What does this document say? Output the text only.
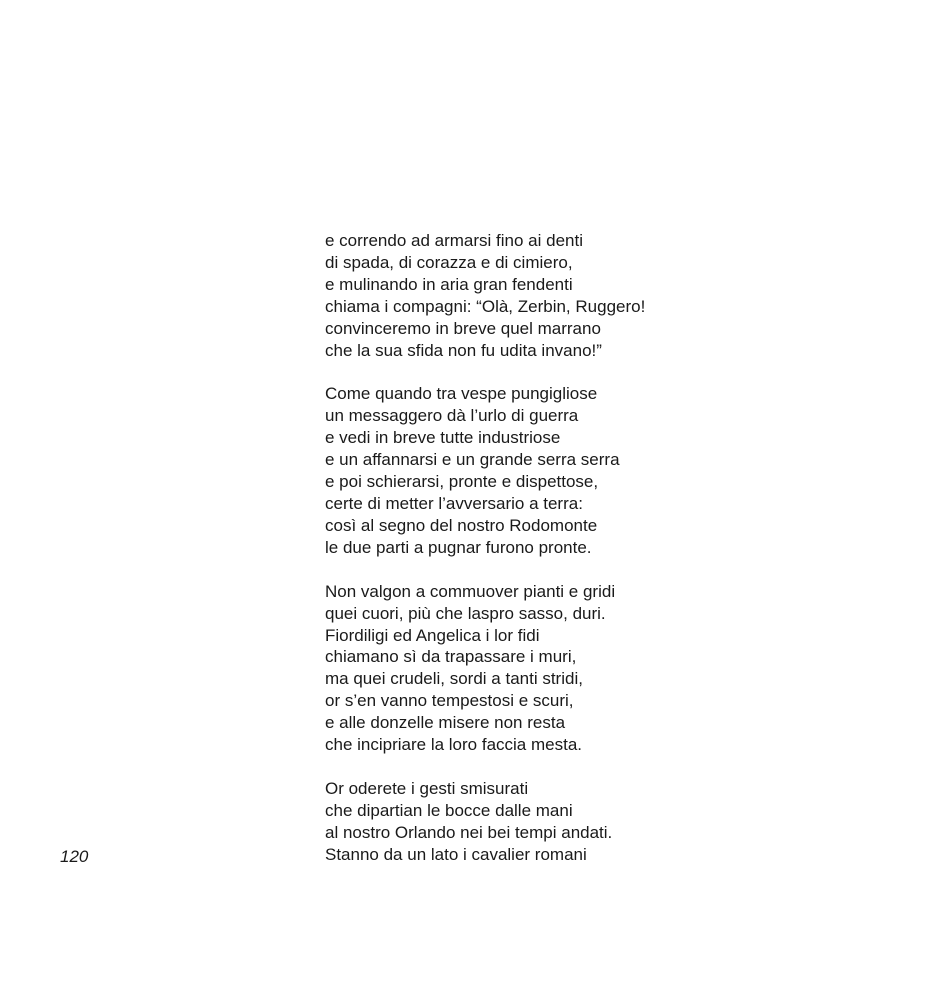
e correndo ad armarsi fino ai denti
di spada, di corazza e di cimiero,
e mulinando in aria gran fendenti
chiama i compagni: “Olà, Zerbin, Ruggero!
convinceremo in breve quel marrano
che la sua sfida non fu udita invano!”
Come quando tra vespe pungigliose
un messaggero dà l’urlo di guerra
e vedi in breve tutte industriose
e un affannarsi e un grande serra serra
e poi schierarsi, pronte e dispettose,
certe di metter l’avversario a terra:
così al segno del nostro Rodomonte
le due parti a pugnar furono pronte.
Non valgon a commuover pianti e gridi
quei cuori, più che laspro sasso, duri.
Fiordiligi ed Angelica i lor fidi
chiamano sì da trapassare i muri,
ma quei crudeli, sordi a tanti stridi,
or s’en vanno tempestosi e scuri,
e alle donzelle misere non resta
che incipriare la loro faccia mesta.
Or oderete i gesti smisurati
che dipartian le bocce dalle mani
al nostro Orlando nei bei tempi andati.
Stanno da un lato i cavalier romani
120
